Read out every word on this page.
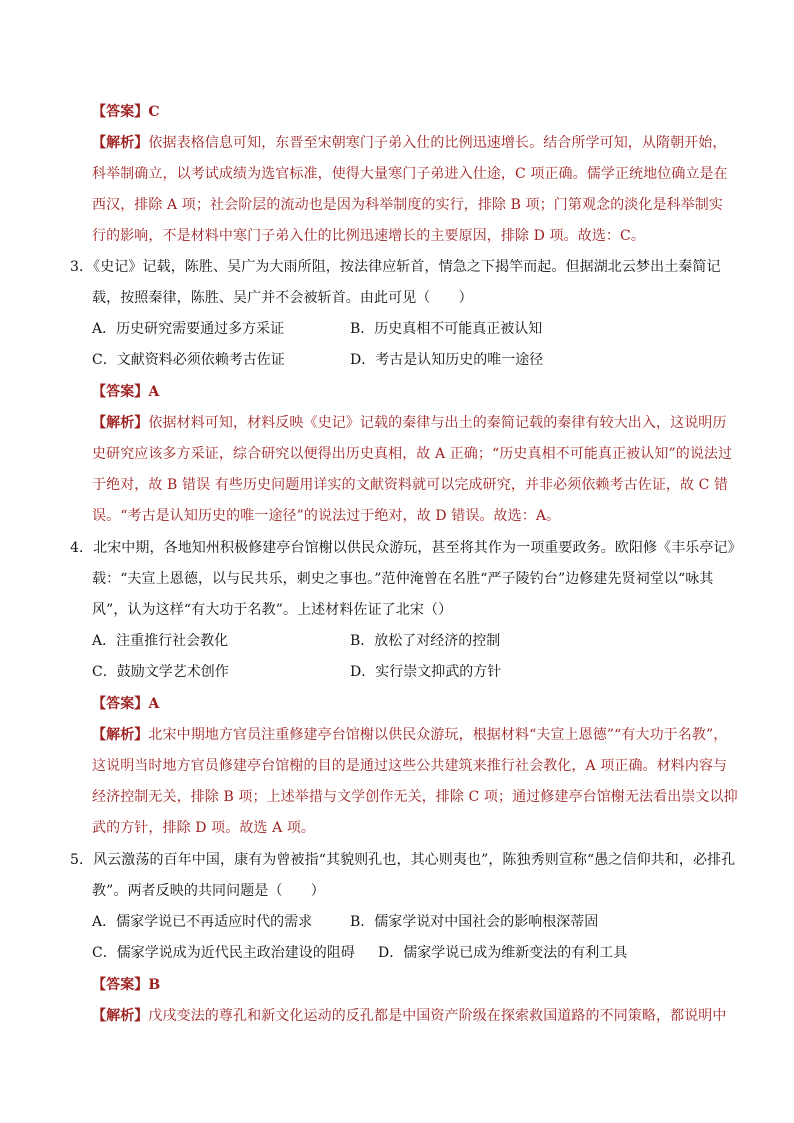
【答案】C
【解析】依据表格信息可知，东晋至宋朝寒门子弟入仕的比例迅速增长。结合所学可知，从隋朝开始，
科举制确立，以考试成绩为选官标准，使得大量寒门子弟进入仕途，C 项正确。儒学正统地位确立是在
西汉，排除 A 项；社会阶层的流动也是因为科举制度的实行，排除 B 项；门第观念的淡化是科举制实
行的影响，不是材料中寒门子弟入仕的比例迅速增长的主要原因，排除 D 项。故选：C。
3．《史记》记载，陈胜、吴广为大雨所阻，按法律应斩首，情急之下揭竿而起。但据湖北云梦出土秦简记
载，按照秦律，陈胜、吴广并不会被斩首。由此可见（　　）
A．历史研究需要通过多方采证	B．历史真相不可能真正被认知
C．文献资料必须依赖考古佐证	D．考古是认知历史的唯一途径
【答案】A
【解析】依据材料可知，材料反映《史记》记载的秦律与出土的秦简记载的秦律有较大出入，这说明历
史研究应该多方采证，综合研究以便得出历史真相，故 A 正确；“历史真相不可能真正被认知”的说法过
于绝对，故 B 错误 有些历史问题用详实的文献资料就可以完成研究，并非必须依赖考古佐证，故 C 错
误。“考古是认知历史的唯一途径”的说法过于绝对，故 D 错误。故选：A。
4．北宋中期，各地知州积极修建亭台馆榭以供民众游玩，甚至将其作为一项重要政务。欧阳修《丰乐亭记》
载：“夫宣上恩德，以与民共乐，刺史之事也。”范仲淹曾在名胜“严子陵钓台”边修建先贤祠堂以“咏其
风”，认为这样“有大功于名教”。上述材料佐证了北宋（）
A．注重推行社会教化	B．放松了对经济的控制
C．鼓励文学艺术创作	D．实行崇文抑武的方针
【答案】A
【解析】北宋中期地方官员注重修建亭台馆榭以供民众游玩，根据材料“夫宣上恩德”“有大功于名教”，
这说明当时地方官员修建亭台馆榭的目的是通过这些公共建筑来推行社会教化，A 项正确。材料内容与
经济控制无关，排除 B 项；上述举措与文学创作无关，排除 C 项；通过修建亭台馆榭无法看出崇文以抑
武的方针，排除 D 项。故选 A 项。
5．风云激荡的百年中国，康有为曾被指“其貌则孔也，其心则夷也”，陈独秀则宣称“愚之信仰共和，必排孔
教”。两者反映的共同问题是（　　）
A．儒家学说已不再适应时代的需求	B．儒家学说对中国社会的影响根深蒂固
C．儒家学说成为近代民主政治建设的阻碍 D．儒家学说已成为维新变法的有利工具
【答案】B
【解析】戊戌变法的尊孔和新文化运动的反孔都是中国资产阶级在探索救国道路的不同策略，都说明中
